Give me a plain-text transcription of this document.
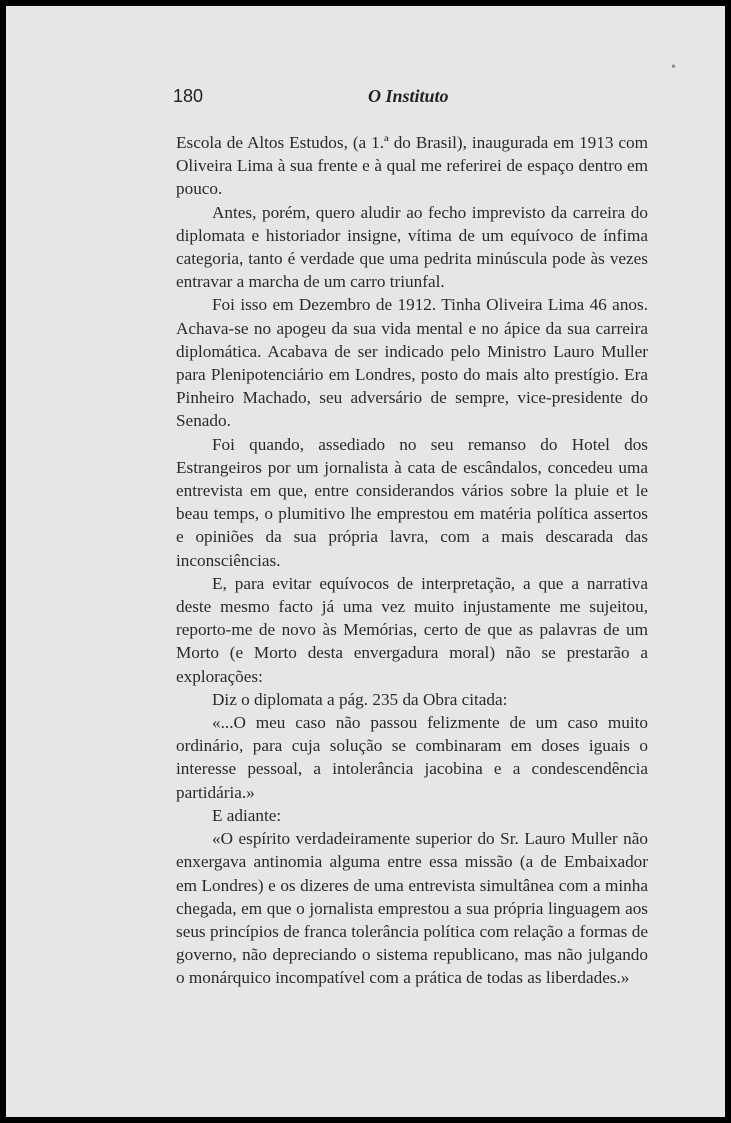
180	O Instituto

Escola de Altos Estudos, (a 1.ª do Brasil), inaugurada em 1913 com Oliveira Lima à sua frente e à qual me referirei de espaço dentro em pouco.

Antes, porém, quero aludir ao fecho imprevisto da carreira do diplomata e historiador insigne, vítima de um equívoco de ínfima categoria, tanto é verdade que uma pedrita minúscula pode às vezes entravar a marcha de um carro triunfal.

Foi isso em Dezembro de 1912. Tinha Oliveira Lima 46 anos. Achava-se no apogeu da sua vida mental e no ápice da sua carreira diplomática. Acabava de ser indicado pelo Ministro Lauro Muller para Plenipotenciário em Londres, posto do mais alto prestígio. Era Pinheiro Machado, seu adversário de sempre, vice-presidente do Senado.

Foi quando, assediado no seu remanso do Hotel dos Estrangeiros por um jornalista à cata de escândalos, concedeu uma entrevista em que, entre considerandos vários sobre la pluie et le beau temps, o plumitivo lhe emprestou em matéria política assertos e opiniões da sua própria lavra, com a mais descarada das inconsciências.

E, para evitar equívocos de interpretação, a que a narrativa deste mesmo facto já uma vez muito injustamente me sujeitou, reporto-me de novo às Memórias, certo de que as palavras de um Morto (e Morto desta envergadura moral) não se prestarão a explorações:

Diz o diplomata a pág. 235 da Obra citada:

«...O meu caso não passou felizmente de um caso muito ordinário, para cuja solução se combinaram em doses iguais o interesse pessoal, a intolerância jacobina e a condescendência partidária.»

E adiante:

«O espírito verdadeiramente superior do Sr. Lauro Muller não enxergava antinomia alguma entre essa missão (a de Embaixador em Londres) e os dizeres de uma entrevista simultânea com a minha chegada, em que o jornalista emprestou a sua própria linguagem aos seus princípios de franca tolerância política com relação a formas de governo, não depreciando o sistema republicano, mas não julgando o monárquico incompatível com a prática de todas as liberdades.»

•
